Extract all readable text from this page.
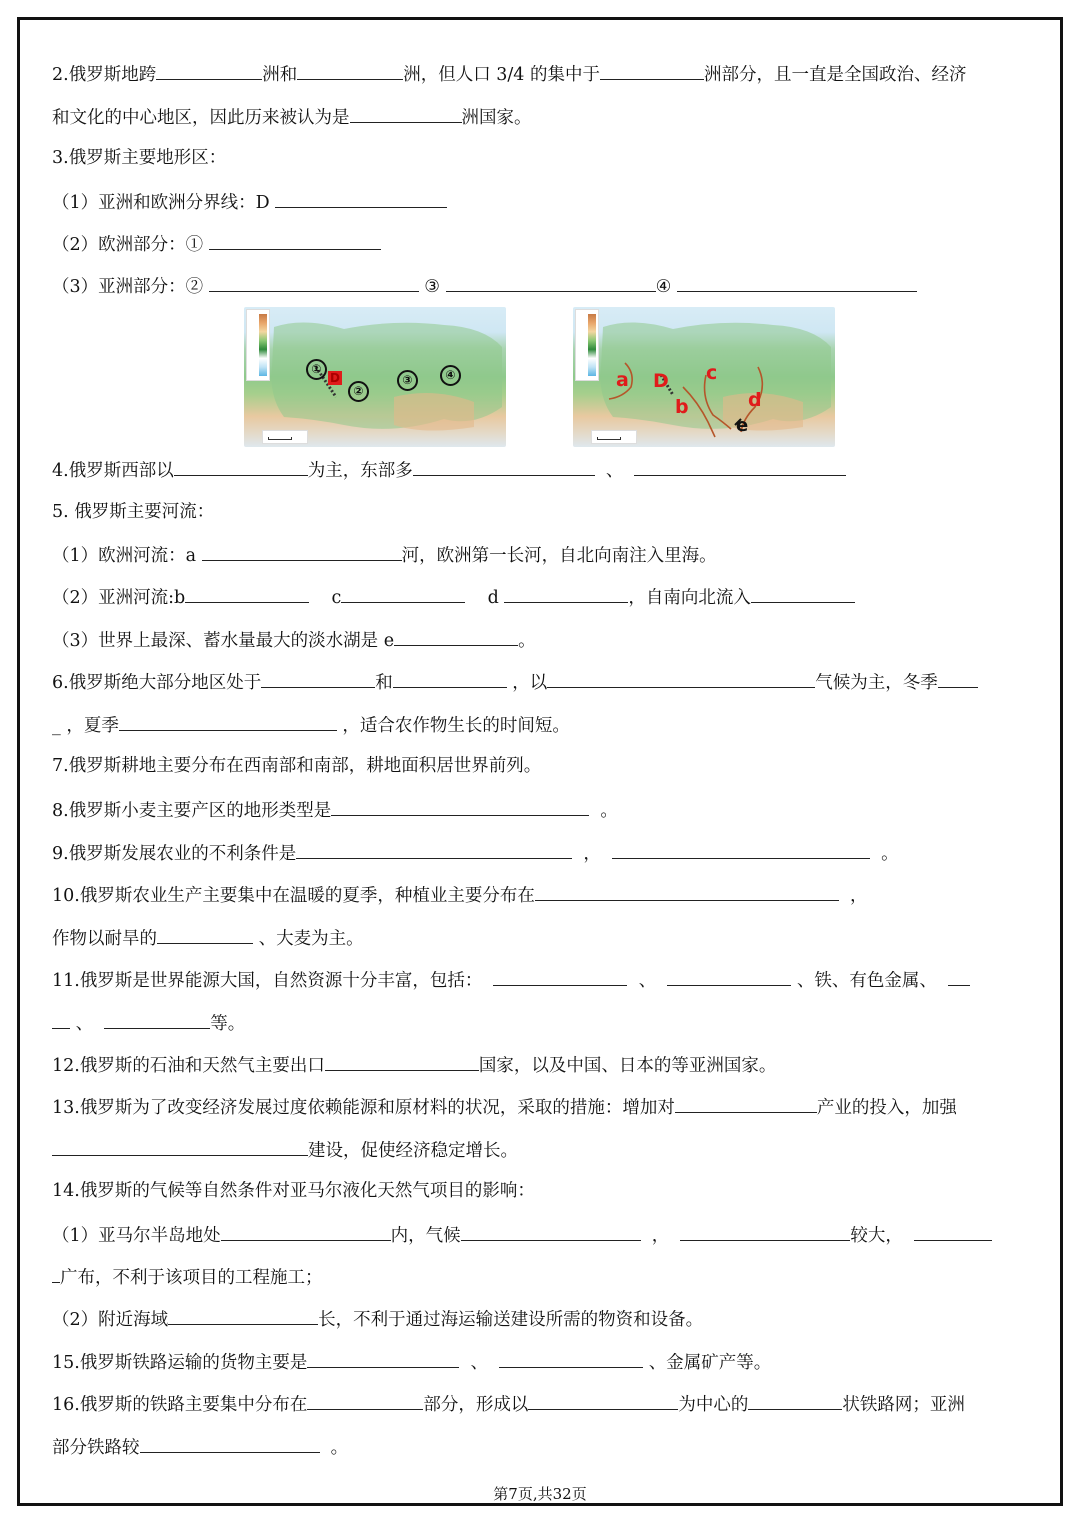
2.俄罗斯地跨	洲和	洲，但人口 3/4 的集中于	洲部分，且一直是全国政治、经济
和文化的中心地区，因此历来被认为是	洲国家。
3.俄罗斯主要地形区：
（1）亚洲和欧洲分界线：D
（2）欧洲部分：①
（3）亚洲部分：②	③	④
①
D
②
③	④	a D
b
c
d
e
4.俄罗斯西部以	为主，东部多	、
5. 俄罗斯主要河流：
（1）欧洲河流：a	河，欧洲第一长河，自北向南注入里海。
（2）亚洲河流:b	c	d	，自南向北流入
（3）世界上最深、蓄水量最大的淡水湖是 e	。
6.俄罗斯绝大部分地区处于	和	，以	气候为主，冬季
_ ，夏季	，适合农作物生长的时间短。
7.俄罗斯耕地主要分布在西南部和南部，耕地面积居世界前列。
8.俄罗斯小麦主要产区的地形类型是	。
9.俄罗斯发展农业的不利条件是	，	。
10.俄罗斯农业生产主要集中在温暖的夏季，种植业主要分布在	，
作物以耐旱的	、大麦为主。
11.俄罗斯是世界能源大国，自然资源十分丰富，包括：	、	、铁、有色金属、
、	等。
12.俄罗斯的石油和天然气主要出口	国家，以及中国、日本的等亚洲国家。
13.俄罗斯为了改变经济发展过度依赖能源和原材料的状况，采取的措施：增加对	产业的投入，加强
建设，促使经济稳定增长。
14.俄罗斯的气候等自然条件对亚马尔液化天然气项目的影响：
（1）亚马尔半岛地处	内，气候	，	较大，
广布，不利于该项目的工程施工；
（2）附近海域	长，不利于通过海运输送建设所需的物资和设备。
15.俄罗斯铁路运输的货物主要是	、	、金属矿产等。
16.俄罗斯的铁路主要集中分布在	部分，形成以	为中心的	状铁路网；亚洲
部分铁路较	。
第7页,共32页
